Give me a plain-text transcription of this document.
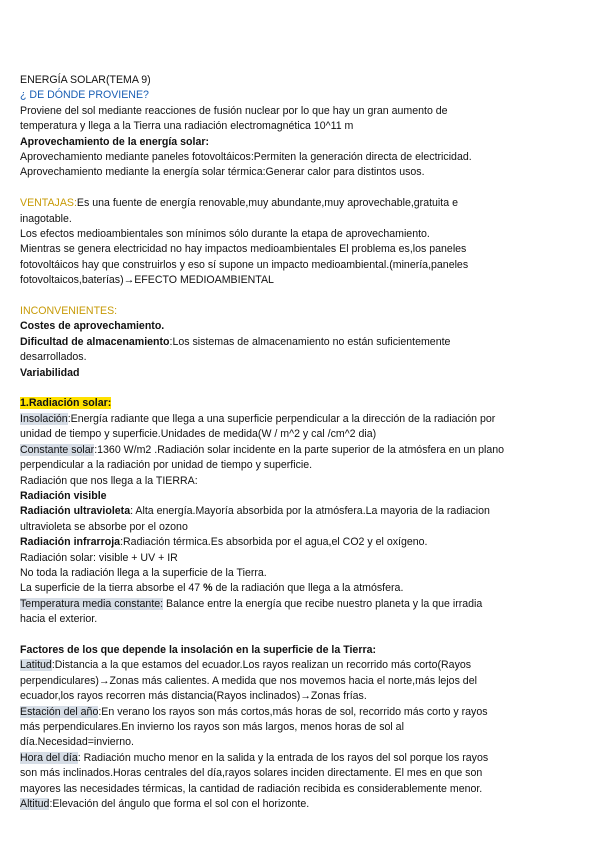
ENERGÍA SOLAR(TEMA 9)

¿ DE DÓNDE PROVIENE?

Proviene del sol mediante reacciones de fusión nuclear por lo que hay un gran aumento de

temperatura y llega a la Tierra una radiación electromagnética 10^11 m

Aprovechamiento de la energía solar:

Aprovechamiento mediante paneles fotovoltáicos:Permiten la generación directa de electricidad.

Aprovechamiento mediante la energía solar térmica:Generar calor para distintos usos.

VENTAJAS:Es una fuente de energía renovable,muy abundante,muy aprovechable,gratuita e

inagotable.

Los efectos medioambientales son mínimos sólo durante la etapa de aprovechamiento.

Mientras se genera electricidad no hay impactos medioambientales El problema es,los paneles

fotovoltáicos hay que construirlos y eso sí supone un impacto medioambiental.(minería,paneles

fotovoltaicos,baterías)→EFECTO MEDIOAMBIENTAL

INCONVENIENTES:

Costes de aprovechamiento.

Dificultad de almacenamiento:Los sistemas de almacenamiento no están suficientemente

desarrollados.

Variabilidad

1.Radiación solar:

Insolación:Energía radiante que llega a una superficie perpendicular a la dirección de la radiación por

unidad de tiempo y superficie.Unidades de medida(W / m^2 y cal /cm^2 dia)

Constante solar:1360 W/m2 .Radiación solar incidente en la parte superior de la atmósfera en un plano

perpendicular a la radiación por unidad de tiempo y superficie.

Radiación que nos llega a la TIERRA:

Radiación visible

Radiación ultravioleta: Alta energía.Mayoría absorbida por la atmósfera.La mayoria de la radiacion

ultravioleta se absorbe por el ozono

Radiación infrarroja:Radiación térmica.Es absorbida por el agua,el CO2 y el oxígeno.

Radiación solar: visible + UV + IR

No toda la radiación llega a la superficie de la Tierra.

La superficie de la tierra absorbe el 47 % de la radiación que llega a la atmósfera.

Temperatura media constante: Balance entre la energía que recibe nuestro planeta y la que irradia

hacia el exterior.

Factores de los que depende la insolación en la superficie de la Tierra:

Latitud:Distancia a la que estamos del ecuador.Los rayos realizan un recorrido más corto(Rayos

perpendiculares)→Zonas más calientes. A medida que nos movemos hacia el norte,más lejos del

ecuador,los rayos recorren más distancia(Rayos inclinados)→Zonas frías.

Estación del año:En verano los rayos son más cortos,más horas de sol, recorrido más corto y rayos

más perpendiculares.En invierno los rayos son más largos, menos horas de sol al

día.Necesidad=invierno.

Hora del día: Radiación mucho menor en la salida y la entrada de los rayos del sol porque los rayos

son más inclinados.Horas centrales del día,rayos solares inciden directamente. El mes en que son

mayores las necesidades térmicas, la cantidad de radiación recibida es considerablemente menor.

Altitud:Elevación del ángulo que forma el sol con el horizonte.
